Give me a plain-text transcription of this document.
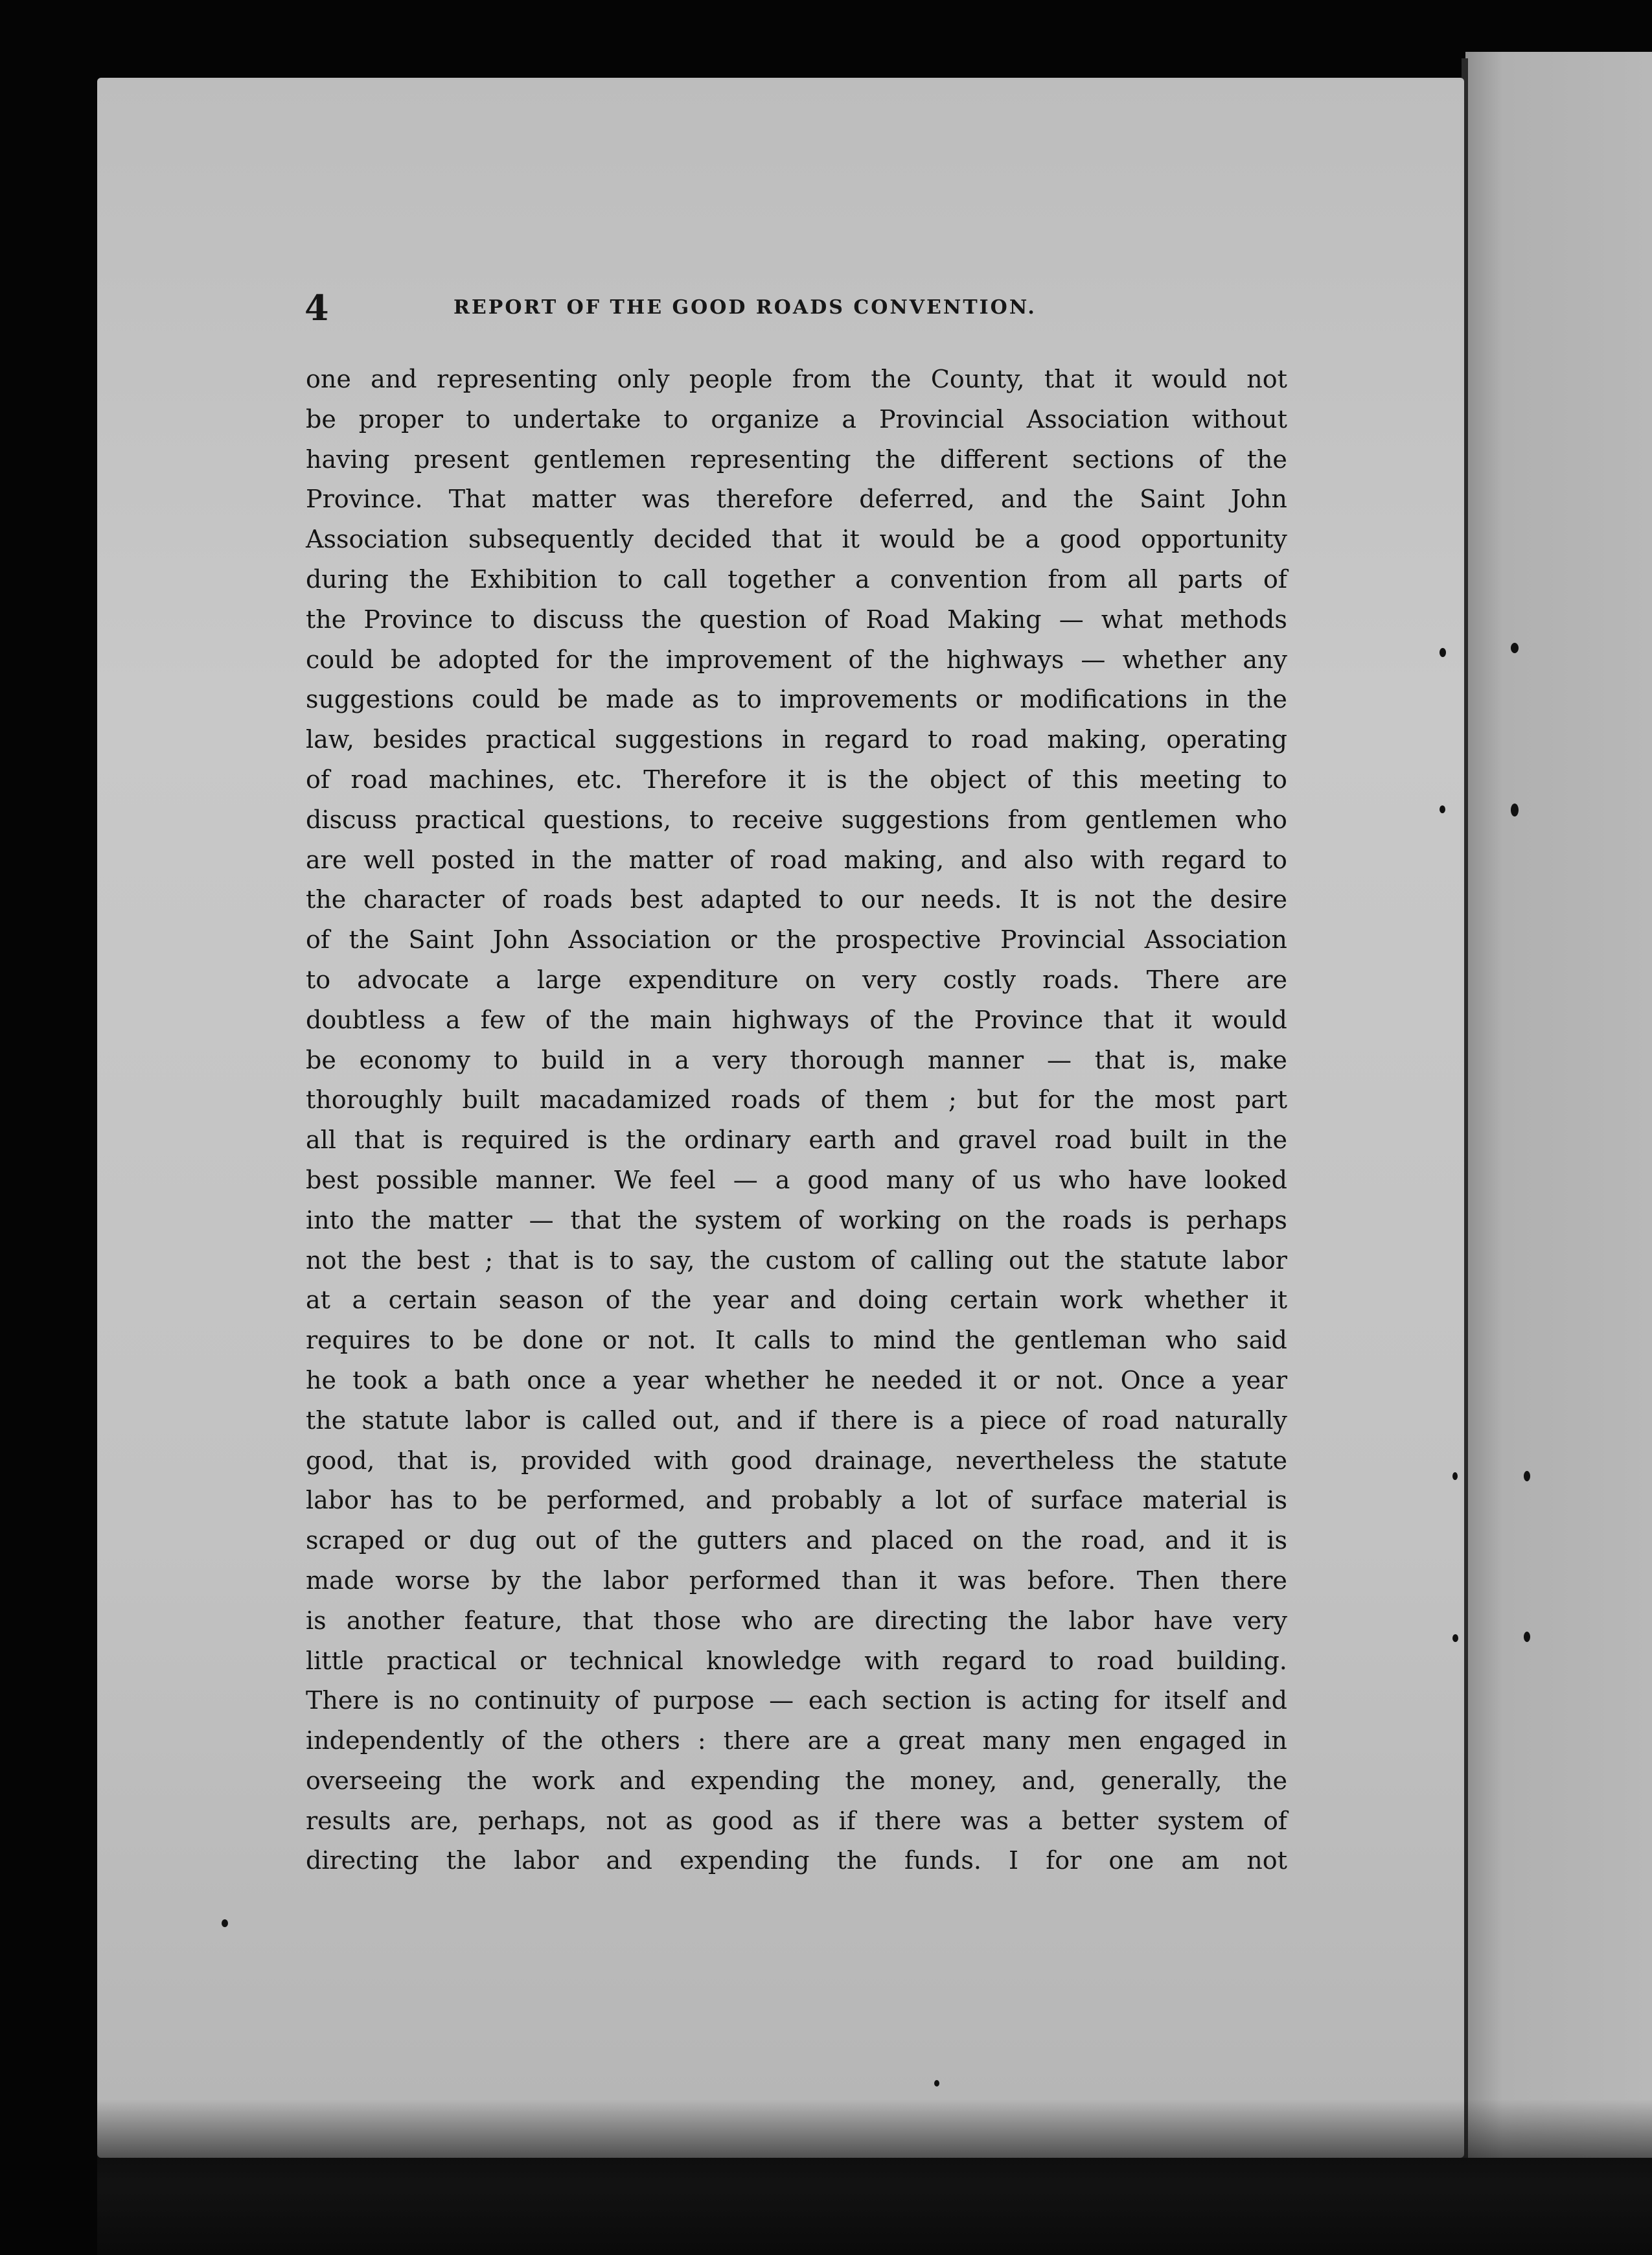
4	REPORT OF THE GOOD ROADS CONVENTION.
one and representing only people from the County, that it would not
be proper to undertake to organize a Provincial Association without
having present gentlemen representing the different sections of the
Province. That matter was therefore deferred, and the Saint John
Association subsequently decided that it would be a good opportunity
during the Exhibition to call together a convention from all parts of
the Province to discuss the question of Road Making — what methods
could be adopted for the improvement of the highways — whether any
suggestions could be made as to improvements or modifications in the
law, besides practical suggestions in regard to road making, operating
of road machines, etc. Therefore it is the object of this meeting to
discuss practical questions, to receive suggestions from gentlemen who
are well posted in the matter of road making, and also with regard to
the character of roads best adapted to our needs. It is not the desire
of the Saint John Association or the prospective Provincial Association
to advocate a large expenditure on very costly roads. There are
doubtless a few of the main highways of the Province that it would
be economy to build in a very thorough manner — that is, make
thoroughly built macadamized roads of them ; but for the most part
all that is required is the ordinary earth and gravel road built in the
best possible manner. We feel — a good many of us who have looked
into the matter — that the system of working on the roads is perhaps
not the best ; that is to say, the custom of calling out the statute labor
at a certain season of the year and doing certain work whether it
requires to be done or not. It calls to mind the gentleman who said
he took a bath once a year whether he needed it or not. Once a year
the statute labor is called out, and if there is a piece of road naturally
good, that is, provided with good drainage, nevertheless the statute
labor has to be performed, and probably a lot of surface material is
scraped or dug out of the gutters and placed on the road, and it is
made worse by the labor performed than it was before. Then there
is another feature, that those who are directing the labor have very
little practical or technical knowledge with regard to road building.
There is no continuity of purpose — each section is acting for itself and
independently of the others : there are a great many men engaged in
overseeing the work and expending the money, and, generally, the
results are, perhaps, not as good as if there was a better system of
directing the labor and expending the funds. I for one am not
